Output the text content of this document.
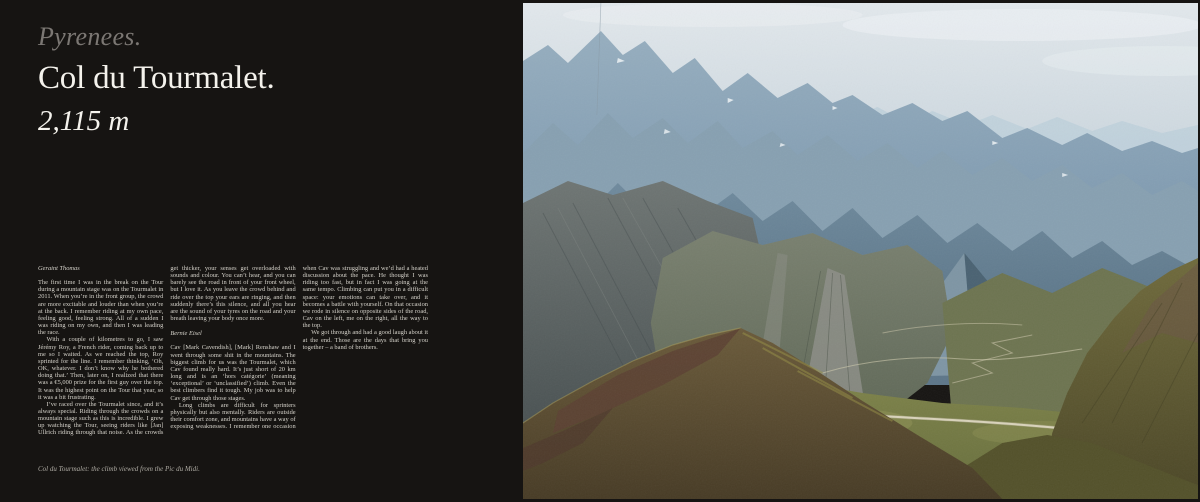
Pyrenees.

Col du Tourmalet.

2,115 m

Geraint Thomas

The first time I was in the break on the Tour during a mountain stage was on the Tourmalet in 2011. When you’re in the front group, the crowd are more excitable and louder than when you’re at the back. I remember riding at my own pace, feeling good, feeling strong. All of a sudden I was riding on my own, and then I was leading the race.

With a couple of kilometres to go, I saw Jérémy Roy, a French rider, coming back up to me so I waited. As we reached the top, Roy sprinted for the line. I remember thinking, ‘Oh, OK, whatever. I don’t know why he bothered doing that.’ Then, later on, I realized that there was a €5,000 prize for the first guy over the top. It was the highest point on the Tour that year, so it was a bit frustrating.

I’ve raced over the Tourmalet since, and it’s always special. Riding through the crowds on a mountain stage such as this is incredible. I grew up watching the Tour, seeing riders like [Jan] Ullrich riding through that noise. As the crowds get thicker, your senses get overloaded with sounds and colour. You can’t hear, and you can barely see the road in front of your front wheel, but I love it. As you leave the crowd behind and ride over the top your ears are ringing, and then suddenly there’s this silence, and all you hear are the sound of your tyres on the road and your breath leaving your body once more.

Bernie Eisel

Cav [Mark Cavendish], [Mark] Renshaw and I went through some shit in the mountains. The biggest climb for us was the Tourmalet, which Cav found really hard. It’s just short of 20 km long and is an ‘hors catégorie’ (meaning ‘exceptional’ or ‘unclassified’) climb. Even the best climbers find it tough. My job was to help Cav get through those stages.

Long climbs are difficult for sprinters physically but also mentally. Riders are outside their comfort zone, and mountains have a way of exposing weaknesses. I remember one occasion when Cav was struggling and we’d had a heated discussion about the pace. He thought I was riding too fast, but in fact I was going at the same tempo. Climbing can put you in a difficult space: your emotions can take over, and it becomes a battle with yourself. On that occasion we rode in silence on opposite sides of the road, Cav on the left, me on the right, all the way to the top.

We got through and had a good laugh about it at the end. Those are the days that bring you together – a band of brothers.

Col du Tourmalet: the climb viewed from the Pic du Midi.
